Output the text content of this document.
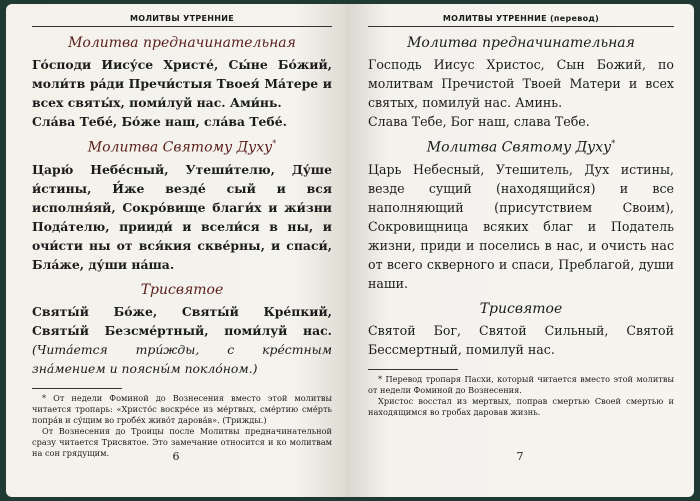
МОЛИТВЫ УТРЕННИЕ
Молитва предначинательная

Го́споди Иису́се Христе́, Сы́не Бо́жий, моли́тв ра́ди Пречи́стыя Твоея́ Ма́тере и всех святы́х, поми́луй нас. Ами́нь.

Сла́ва Тебе́, Бо́же наш, сла́ва Тебе́.

Молитва Святому Духу*

Царю́ Небе́сный, Утеши́телю, Ду́ше и́стины, И́же везде́ сый и вся исполня́яй, Сокро́вище благи́х и жи́зни Пода́телю, прииди́ и всели́ся в ны, и очи́сти ны от вся́кия скве́рны, и спаси́, Бла́же, ду́ши на́ша.

Трисвятое

Святы́й Бо́же, Святы́й Кре́пкий, Святы́й Безсме́ртный, поми́луй нас. (Чита́ется три́жды, с кре́стным зна́мением и поясны́м покло́ном.)

* От недели Фоминой до Вознесения вместо этой молитвы читается тропарь: «Христо́с воскре́се из ме́ртвых, сме́ртию сме́рть попра́в и су́щим во гробе́х живо́т дарова́в». (Трижды.)

От Вознесения до Троицы после Молитвы предначинательной сразу читается Трисвятое. Это замечание относится и ко молитвам на сон грядущим.	6
МОЛИТВЫ УТРЕННИЕ (перевод)
Молитва предначинательная

Господь Иисус Христос, Сын Божий, по молитвам Пречистой Твоей Матери и всех святых, помилуй нас. Аминь.

Слава Тебе, Бог наш, слава Тебе.

Молитва Святому Духу*

Царь Небесный, Утешитель, Дух истины, везде сущий (находящийся) и все наполняющий (присутствием Своим), Сокровищница всяких благ и Податель жизни, приди и поселись в нас, и очисть нас от всего скверного и спаси, Преблагой, души наши.

Трисвятое

Святой Бог, Святой Сильный, Святой Бессмертный, помилуй нас.

* Перевод тропаря Пасхи, который читается вместо этой молитвы от недели Фоминой до Вознесения.

Христос восстал из мертвых, поправ смертью Своей смертью и находящимся во гробах даровав жизнь.

7
